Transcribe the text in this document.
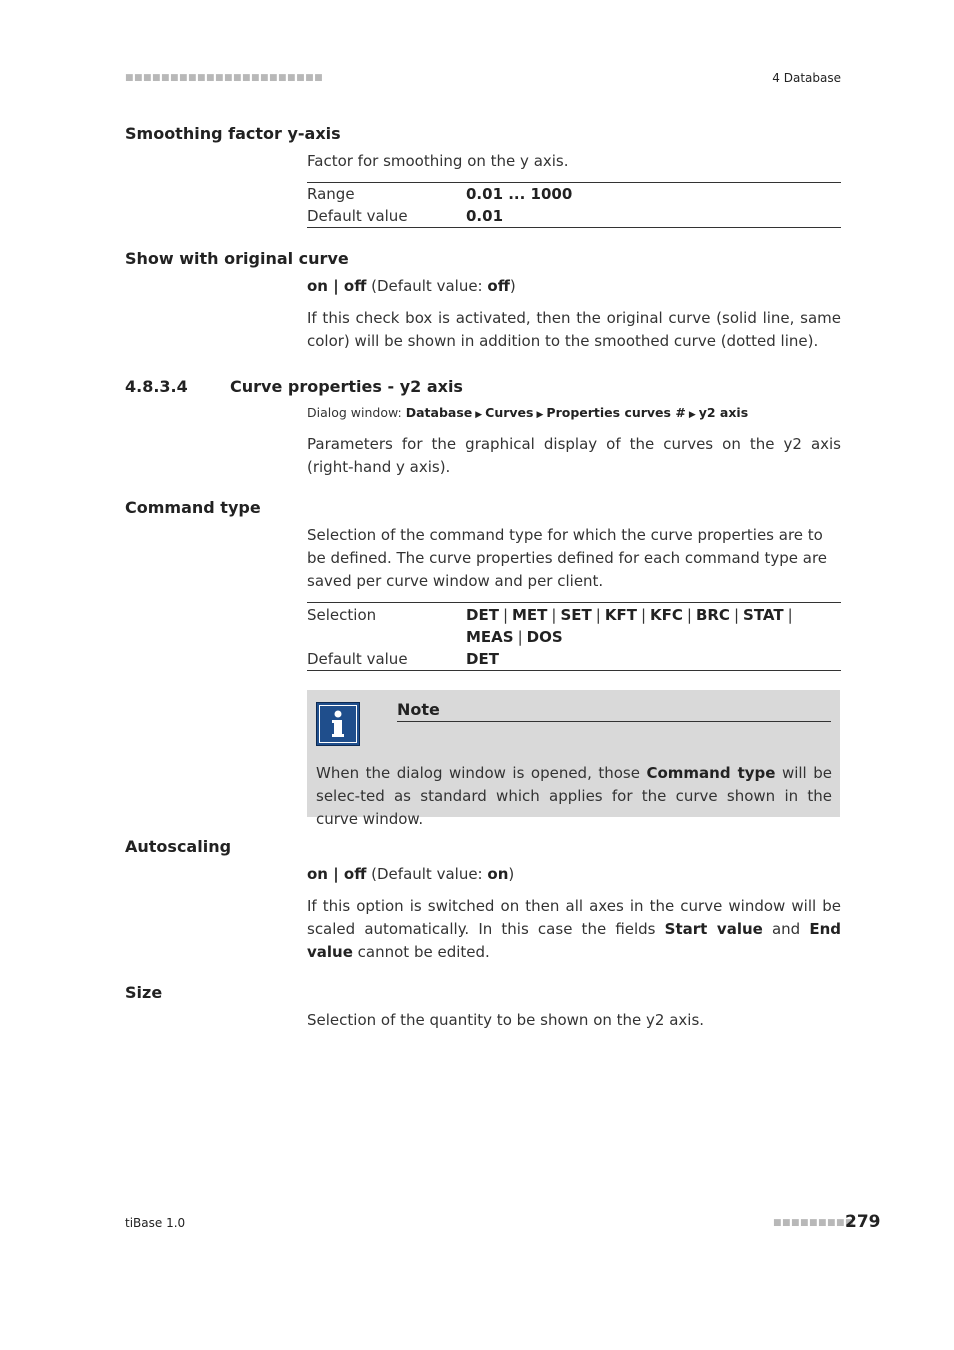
■■■■■■■■■■■■■■■■■■■■■■	4 Database
Smoothing factor y-axis

Factor for smoothing on the y axis.

Range	0.01 ... 1000
Default value	0.01
Show with original curve

on | off (Default value: off)

If this check box is activated, then the original curve (solid line, same color) will be shown in addition to the smoothed curve (dotted line).

4.8.3.4	Curve properties - y2 axis

Dialog window: Database ▶ Curves ▶ Properties curves # ▶ y2 axis

Parameters for the graphical display of the curves on the y2 axis (right-hand y axis).

Command type

Selection of the command type for which the curve properties are to be defined. The curve properties defined for each command type are saved per curve window and per client.

Selection	DET | MET | SET | KFT | KFC | BRC | STAT |
MEAS | DOS
Default value	DET
Note

When the dialog window is opened, those Command type will be selec-ted as standard which applies for the curve shown in the curve window.

Autoscaling

on | off (Default value: on)

If this option is switched on then all axes in the curve window will be scaled automatically. In this case the fields Start value and End value cannot be edited.

Size

Selection of the quantity to be shown on the y2 axis.

tiBase 1.0	■■■■■■■■■
279
